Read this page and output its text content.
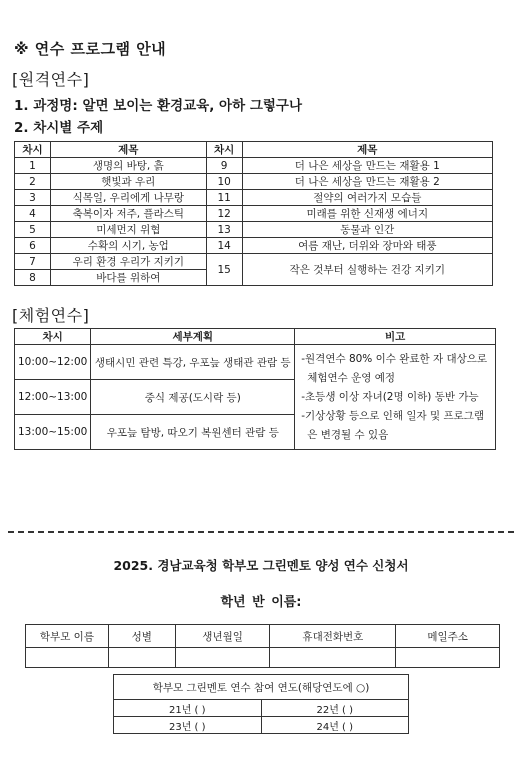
※ 연수 프로그램 안내
[원격연수]
1. 과정명: 알면 보이는 환경교육, 아하 그렇구나
2. 차시별 주제
차시	제목	차시	제목
1	생명의 바탕, 흙	9	더 나은 세상을 만드는 재활용 1
2	햇빛과 우리	10	더 나은 세상을 만드는 재활용 2
3	식목일, 우리에게 나무랑	11	절약의 여러가지 모습들
4	축복이자 저주, 플라스틱	12	미래를 위한 신재생 에너지
5	미세먼지 위협	13	동물과 인간
6	수확의 시기, 농업	14	여름 재난, 더위와 장마와 태풍
7	우리 환경 우리가 지키기	15	작은 것부터 실행하는 건강 지키기
8	바다를 위하여		
[체험연수]
차시	세부계획	비고
10:00~12:00	생태시민 관련 특강, 우포늪 생태관 관람 등	-원격연수 80% 이수 완료한 자 대상으로
체험연수 운영 예정
-초등생 이상 자녀(2명 이하) 동반 가능
-기상상황 등으로 인해 일자 및 프로그램
은 변경될 수 있음

12:00~13:00	중식 제공(도시락 등)	
13:00~15:00	우포늪 탐방, 따오기 복원센터 관람 등	
2025. 경남교육청 학부모 그린멘토 양성 연수 신청서
학년 반 이름:
학부모 이름	성별	생년월일	휴대전화번호	메일주소

학부모 그린멘토 연수 참여 연도(해당연도에 ○)	
21년 ( )	22년 ( )
23년 ( )	24년 ( )
